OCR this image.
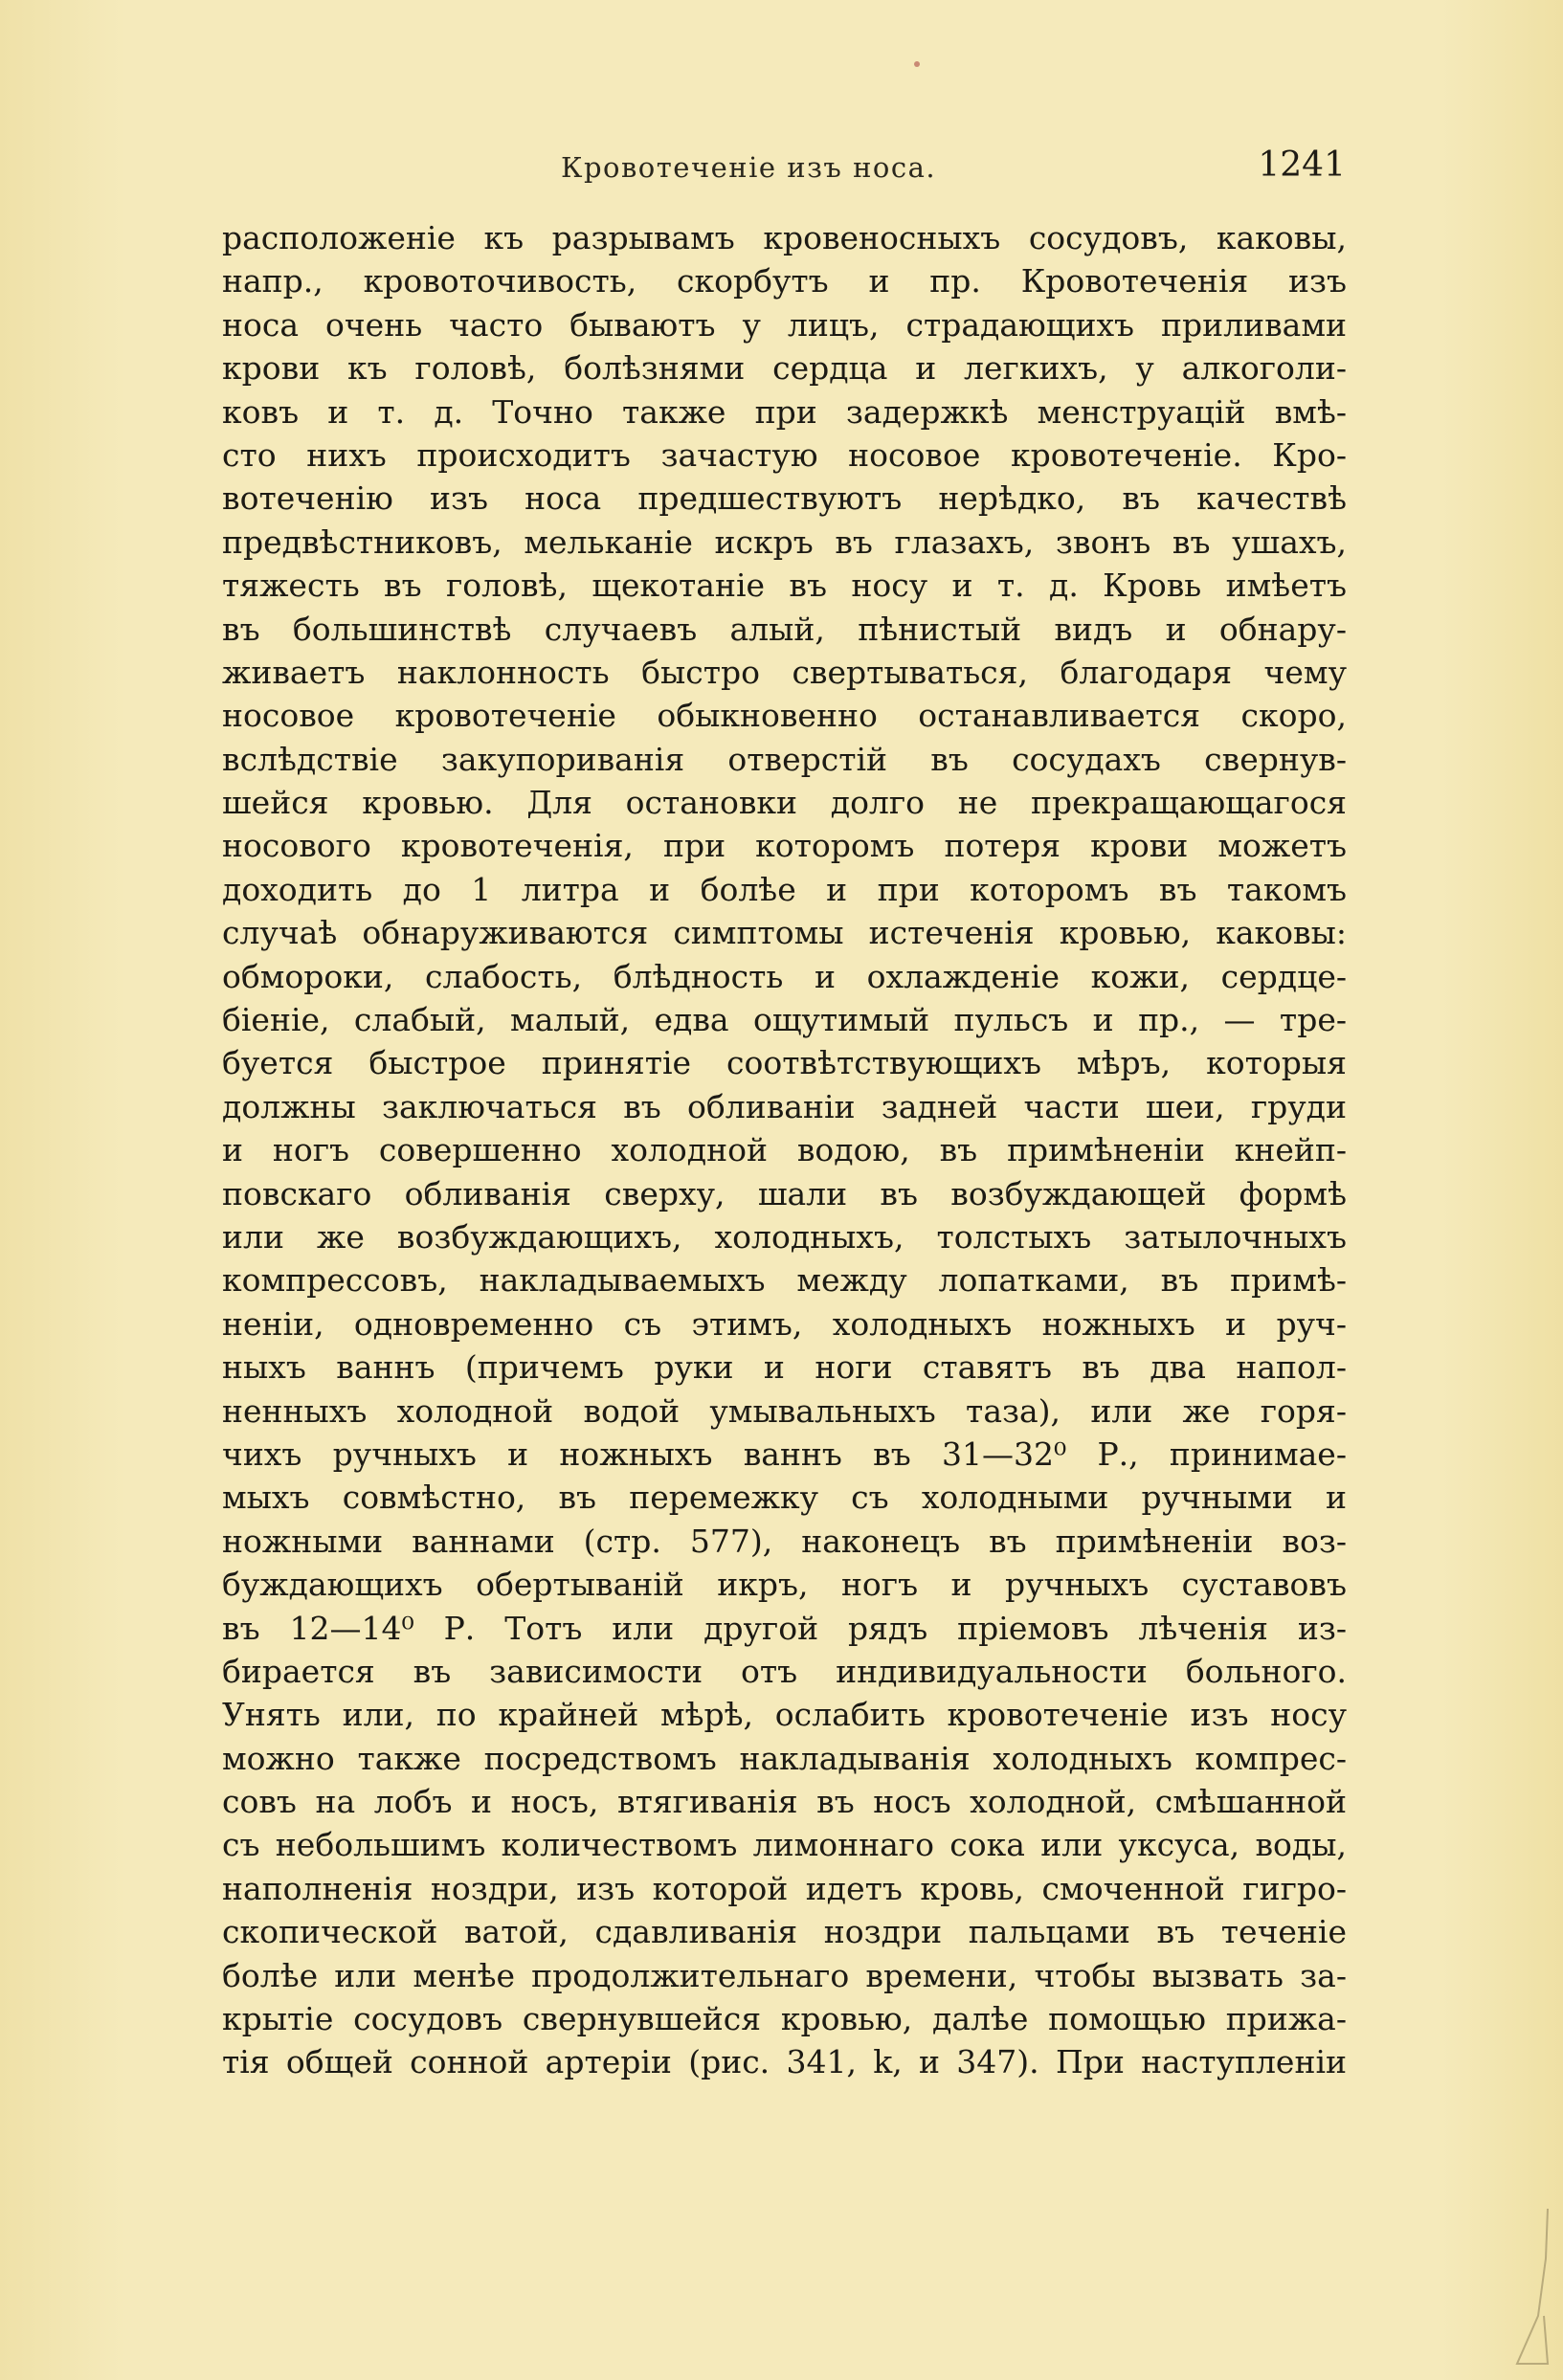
Кровотеченіе изъ носа.	1241
расположеніе къ разрывамъ кровеносныхъ сосудовъ, каковы,
напр., кровоточивость, скорбутъ и пр. Кровотеченія изъ
носа очень часто бываютъ у лицъ, страдающихъ приливами
крови къ головѣ, болѣзнями сердца и легкихъ, у алкоголи-
ковъ и т. д. Точно также при задержкѣ менструацій вмѣ-
сто нихъ происходитъ зачастую носовое кровотеченіе. Кро-
вотеченію изъ носа предшествуютъ нерѣдко, въ качествѣ
предвѣстниковъ, мельканіе искръ въ глазахъ, звонъ въ ушахъ,
тяжесть въ головѣ, щекотаніе въ носу и т. д. Кровь имѣетъ
въ большинствѣ случаевъ алый, пѣнистый видъ и обнару-
живаетъ наклонность быстро свертываться, благодаря чему
носовое кровотеченіе обыкновенно останавливается скоро,
вслѣдствіе закупориванія отверстій въ сосудахъ свернув-
шейся кровью. Для остановки долго не прекращающагося
носового кровотеченія, при которомъ потеря крови можетъ
доходить до 1 литра и болѣе и при которомъ въ такомъ
случаѣ обнаруживаются симптомы истеченія кровью, каковы:
обмороки, слабость, блѣдность и охлажденіе кожи, сердце-
біеніе, слабый, малый, едва ощутимый пульсъ и пр., — тре-
буется быстрое принятіе соотвѣтствующихъ мѣръ, которыя
должны заключаться въ обливаніи задней части шеи, груди
и ногъ совершенно холодной водою, въ примѣненіи кнейп-
повскаго обливанія сверху, шали въ возбуждающей формѣ
или же возбуждающихъ, холодныхъ, толстыхъ затылочныхъ
компрессовъ, накладываемыхъ между лопатками, въ примѣ-
неніи, одновременно съ этимъ, холодныхъ ножныхъ и руч-
ныхъ ваннъ (причемъ руки и ноги ставятъ въ два напол-
ненныхъ холодной водой умывальныхъ таза), или же горя-
чихъ ручныхъ и ножныхъ ваннъ въ 31—32⁰ Р., принимае-
мыхъ совмѣстно, въ перемежку съ холодными ручными и
ножными ваннами (стр. 577), наконецъ въ примѣненіи воз-
буждающихъ обертываній икръ, ногъ и ручныхъ суставовъ
въ 12—14⁰ Р. Тотъ или другой рядъ пріемовъ лѣченія из-
бирается въ зависимости отъ индивидуальности больного.
Унять или, по крайней мѣрѣ, ослабить кровотеченіе изъ носу
можно также посредствомъ накладыванія холодныхъ компрес-
совъ на лобъ и носъ, втягиванія въ носъ холодной, смѣшанной
съ небольшимъ количествомъ лимоннаго сока или уксуса, воды,
наполненія ноздри, изъ которой идетъ кровь, смоченной гигро-
скопической ватой, сдавливанія ноздри пальцами въ теченіе
болѣе или менѣе продолжительнаго времени, чтобы вызвать за-
крытіе сосудовъ свернувшейся кровью, далѣе помощью прижа-
тія общей сонной артеріи (рис. 341, k, и 347). При наступленіи
